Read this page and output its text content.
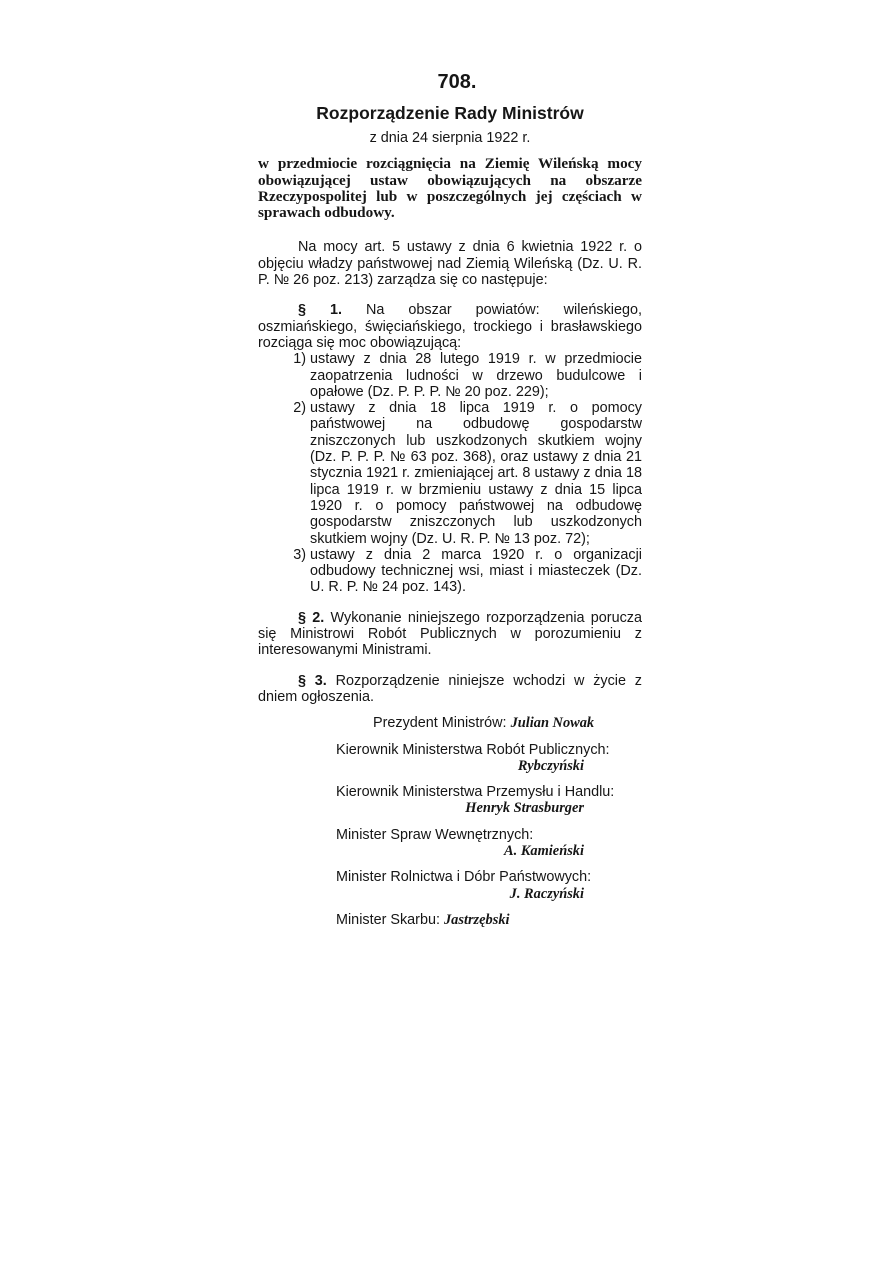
708.
Rozporządzenie Rady Ministrów
z dnia 24 sierpnia 1922 r.

w przedmiocie rozciągnięcia na Ziemię Wileńską mocy obowiązującej ustaw obowiązujących na obszarze Rzeczypospolitej lub w poszczególnych jej częściach w sprawach odbudowy.

Na mocy art. 5 ustawy z dnia 6 kwietnia 1922 r. o objęciu władzy państwowej nad Ziemią Wileńską (Dz. U. R. P. № 26 poz. 213) zarządza się co następuje:

§ 1. Na obszar powiatów: wileńskiego, oszmiańskiego, święciańskiego, trockiego i brasławskiego rozciąga się moc obowiązującą:

1) ustawy z dnia 28 lutego 1919 r. w przedmiocie zaopatrzenia ludności w drzewo budulcowe i opałowe (Dz. P. P. P. № 20 poz. 229);
2) ustawy z dnia 18 lipca 1919 r. o pomocy państwowej na odbudowę gospodarstw zniszczonych lub uszkodzonych skutkiem wojny (Dz. P. P. P. № 63 poz. 368), oraz ustawy z dnia 21 stycznia 1921 r. zmieniającej art. 8 ustawy z dnia 18 lipca 1919 r. w brzmieniu ustawy z dnia 15 lipca 1920 r. o pomocy państwowej na odbudowę gospodarstw zniszczonych lub uszkodzonych skutkiem wojny (Dz. U. R. P. № 13 poz. 72);
3) ustawy z dnia 2 marca 1920 r. o organizacji odbudowy technicznej wsi, miast i miasteczek (Dz. U. R. P. № 24 poz. 143).

§ 2. Wykonanie niniejszego rozporządzenia porucza się Ministrowi Robót Publicznych w porozumieniu z interesowanymi Ministrami.

§ 3. Rozporządzenie niniejsze wchodzi w życie z dniem ogłoszenia.

Prezydent Ministrów: Julian Nowak
Kierownik Ministerstwa Robót Publicznych:
Rybczyński
Kierownik Ministerstwa Przemysłu i Handlu:
Henryk Strasburger
Minister Spraw Wewnętrznych:
A. Kamieński
Minister Rolnictwa i Dóbr Państwowych:
J. Raczyński
Minister Skarbu: Jastrzębski
